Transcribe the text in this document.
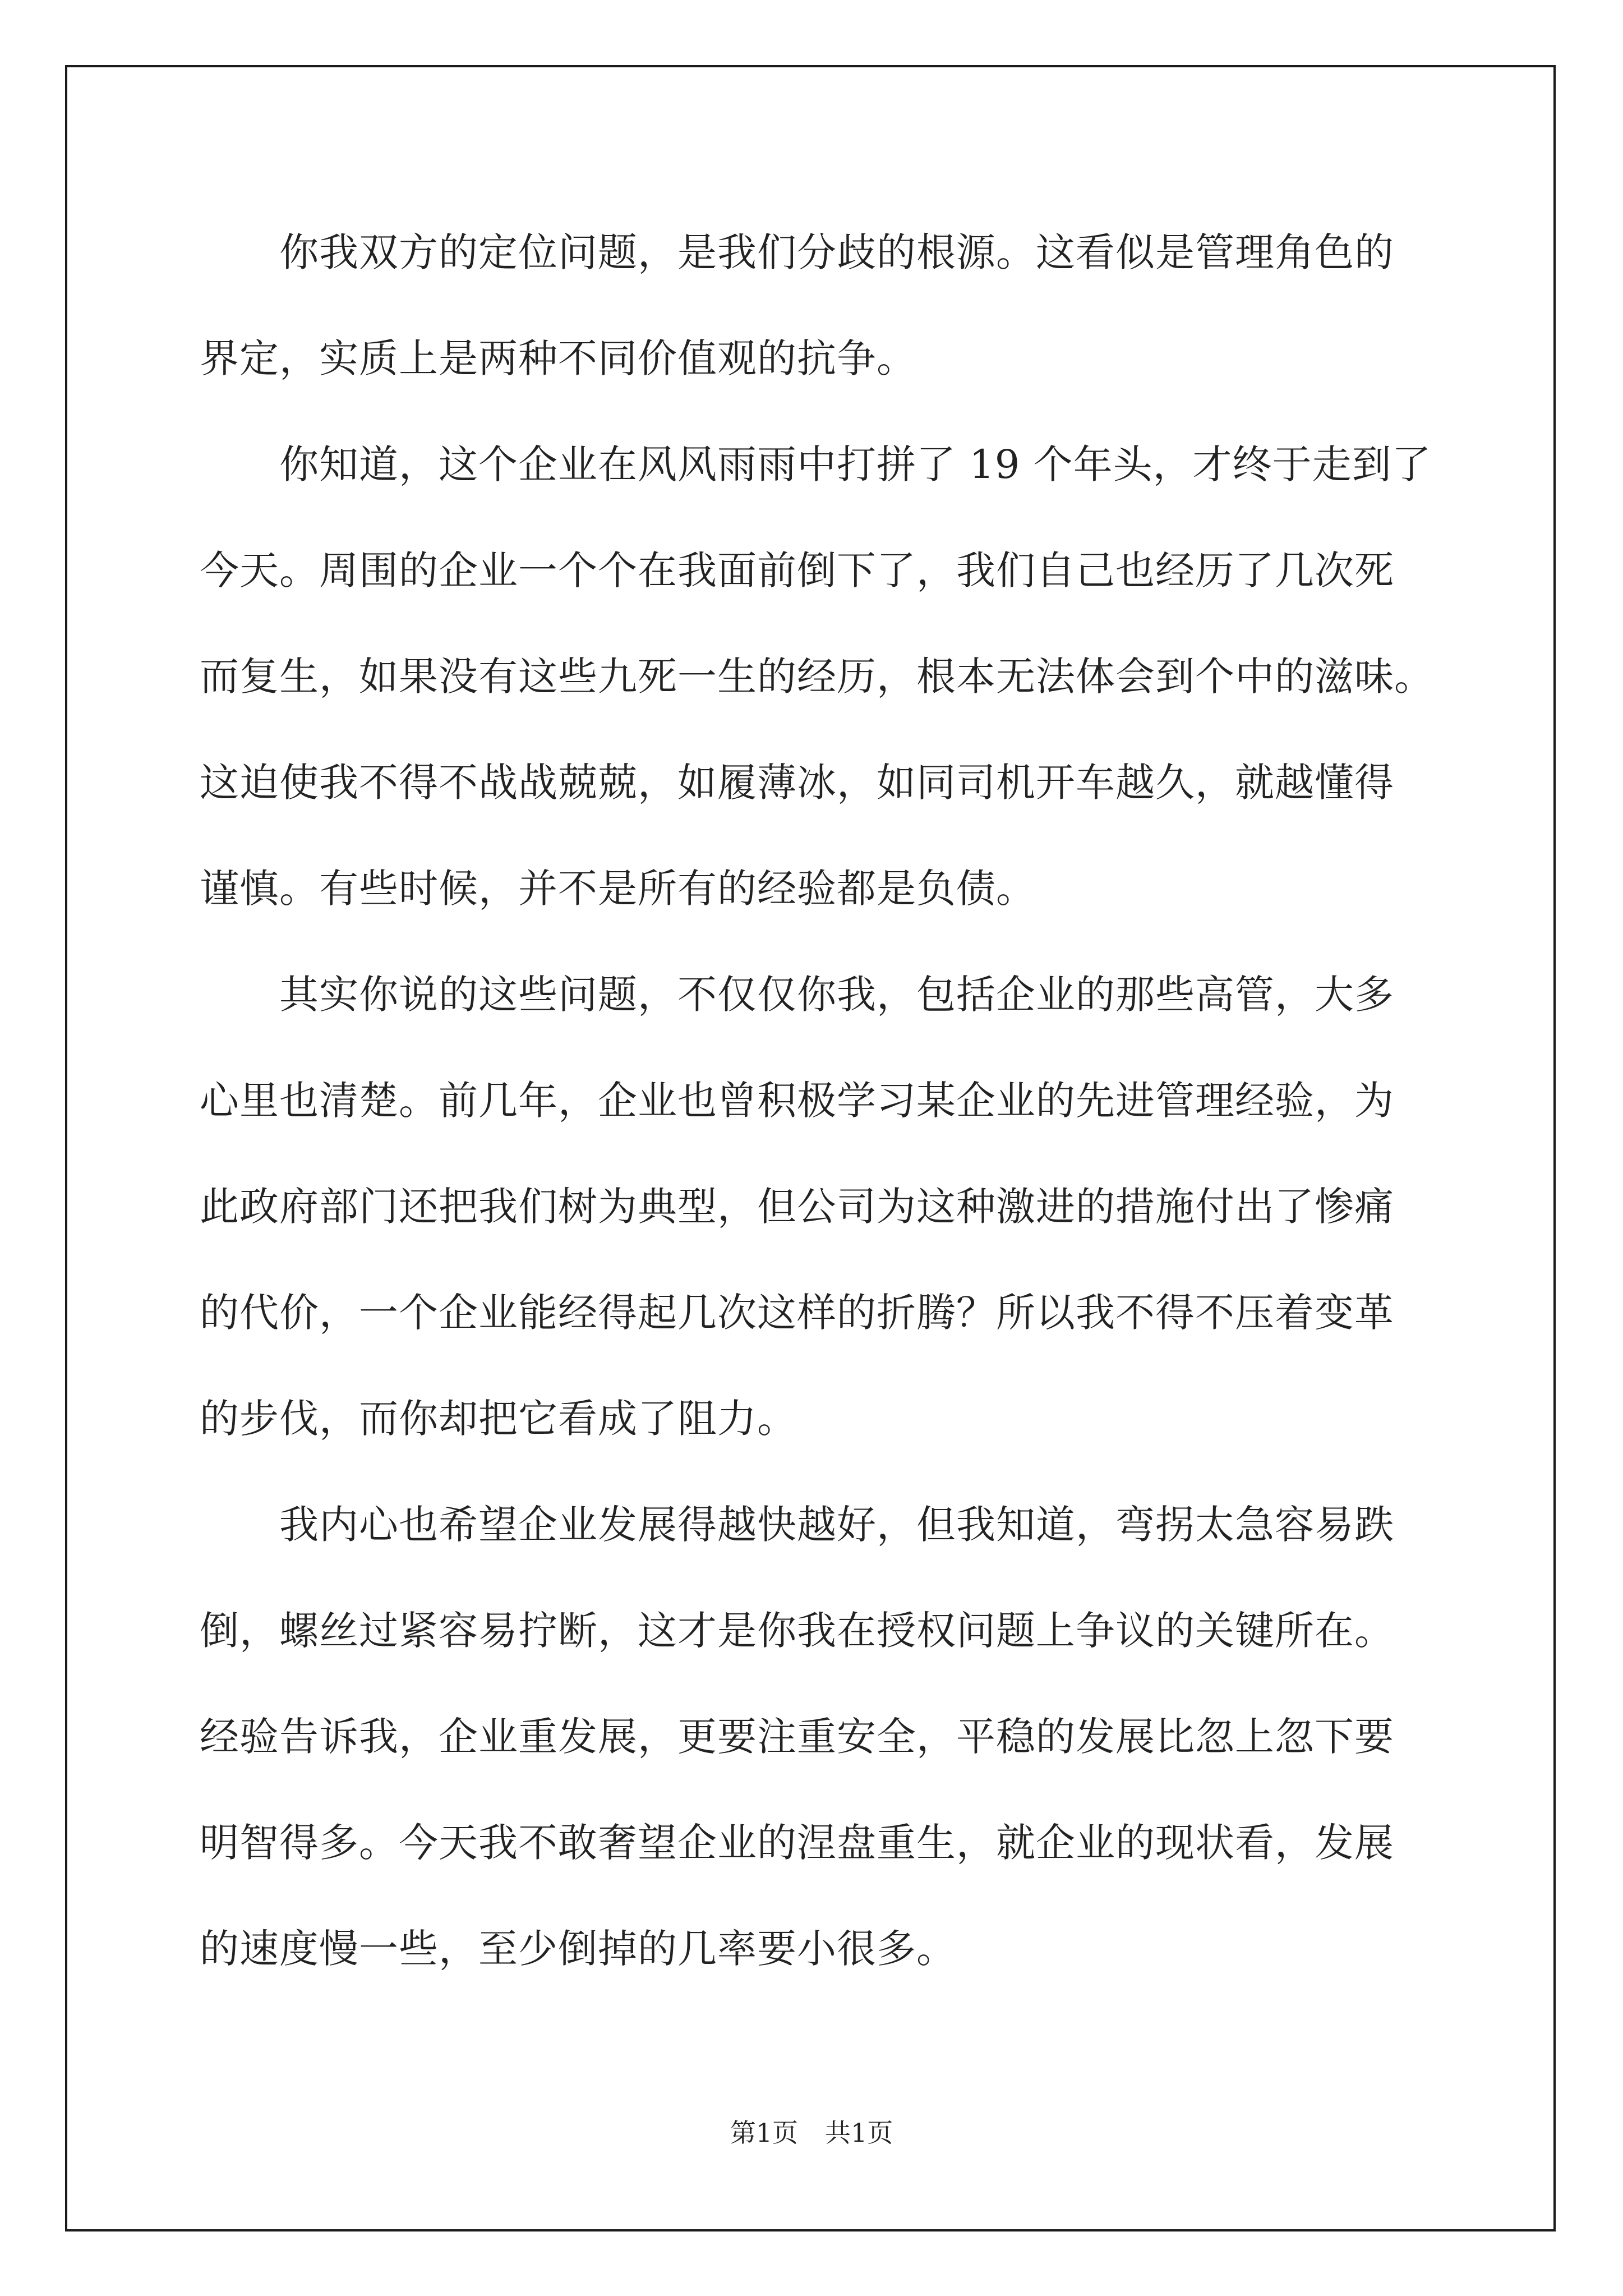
你我双方的定位问题，是我们分歧的根源。这看似是管理角色的
界定，实质上是两种不同价值观的抗争。
你知道，这个企业在风风雨雨中打拼了 19 个年头，才终于走到了
今天。周围的企业一个个在我面前倒下了，我们自己也经历了几次死
而复生，如果没有这些九死一生的经历，根本无法体会到个中的滋味。
这迫使我不得不战战兢兢，如履薄冰，如同司机开车越久，就越懂得
谨慎。有些时候，并不是所有的经验都是负债。
其实你说的这些问题，不仅仅你我，包括企业的那些高管，大多
心里也清楚。前几年，企业也曾积极学习某企业的先进管理经验，为
此政府部门还把我们树为典型，但公司为这种激进的措施付出了惨痛
的代价，一个企业能经得起几次这样的折腾？所以我不得不压着变革
的步伐，而你却把它看成了阻力。
我内心也希望企业发展得越快越好，但我知道，弯拐太急容易跌
倒，螺丝过紧容易拧断，这才是你我在授权问题上争议的关键所在。
经验告诉我，企业重发展，更要注重安全，平稳的发展比忽上忽下要
明智得多。今天我不敢奢望企业的涅盘重生，就企业的现状看，发展
的速度慢一些，至少倒掉的几率要小很多。
第1页 共1页
